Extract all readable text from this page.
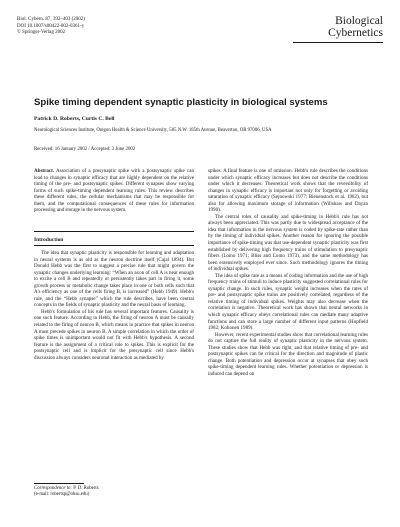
Biol. Cybern. 87, 392–403 (2002)
DOI 10.1007/s00422-002-0361-y
© Springer-Verlag 2002
Biological
Cybernetics
Spike timing dependent synaptic plasticity in biological systems
Patrick D. Roberts, Curtis C. Bell
Neurological Sciences Institute, Oregon Health & Science University, 505 N.W. 185th Avenue, Beaverton, OR 97006, USA
Received: 16 January 2002 / Accepted: 3 June 2002

Abstract. Association of a presynaptic spike with a postsynaptic spike can lead to changes in synaptic efficacy that are highly dependent on the relative timing of the pre- and postsynaptic spikes. Different synapses show varying forms of such spike-timing dependent learning rules. This review describes these different rules, the cellular mechanisms that may be responsible for them, and the computational consequences of these rules for information processing and storage in the nervous system.

Introduction

The idea that synaptic plasticity is responsible for learning and adaptation in neural systems is as old as the neuron doctrine itself (Cajal 1894). But Donald Hebb was the first to suggest a precise rule that might govern the synaptic changes underlying learning: “When an axon of cell A is near enough to excite a cell B and repeatedly or persistently takes part in firing it, some growth process or metabolic change takes place in one or both cells such that A's efficiency as one of the cells firing B, is increased” (Hebb 1949). Hebb's rule, and the “Hebb synapse” which the rule describes, have been central concepts in the fields of synaptic plasticity and the neural basis of learning.

Hebb's formulation of his rule has several important features. Causality is one such feature. According to Hebb, the firing of neuron A must be causally related to the firing of neuron B, which means in practice that spikes in neuron A must precede spikes in neuron B. A simple correlation in which the order of spike times is unimportant would not fit with Hebb's hypothesis. A second feature is the assignment of a critical role to spikes. This is explicit for the postsynaptic cell and is implicit for the presynaptic cell since Hebb's discussion always considers neuronal interaction as mediated by

Correspondence to: P. D. Roberts
(e-mail: robertsp@ohsu.edu)

spikes. A final feature is one of omission. Hebb's rule describes the conditions under which synaptic efficacy increases but does not describe the conditions under which it decreases. Theoretical work shows that the reversibility of changes in synaptic efficacy is important not only for forgetting or avoiding saturation of synaptic efficacy (Sejnowski 1977; Bienenstock et al. 1982), but also for allowing maximum storage of information (Willshaw and Dayan 1990).

The central roles of causality and spike-timing in Hebb's rule has not always been appreciated. This was partly due to widespread acceptance of the idea that information in the nervous system is coded by spike-rate rather than by the timing of individual spikes. Another reason for ignoring the possible importance of spike-timing was that use-dependent synaptic plasticity was first established by delivering high frequency trains of stimulation to presynaptic fibers (Lomo 1971; Bliss and Lomo 1973), and the same methodology has been extensively employed ever since. Such methodology ignores the timing of individual spikes.

The idea of spike rate as a means of coding information and the use of high frequency trains of stimuli to induce plasticity suggested correlational rules for synaptic change. In such rules, synaptic weight increases when the rates of pre- and postsynaptic spike trains are positively correlated, regardless of the relative timing of individual spikes. Weights may also decrease when the correlation is negative. Theoretical work has shown that neural networks in which synaptic efficacy obeys correlational rules can mediate many adaptive functions and can store a large number of different input patterns (Hopfield 1982; Kohonen 1989).

However, recent experimental studies show that correlational learning rules do not capture the full reality of synaptic plasticity in the nervous system. These studies show that Hebb was right, and that relative timing of pre- and postsynaptic spikes can be critical for the direction and magnitude of plastic change. Both potentiation and depression occur at synapses that obey such spike-timing dependent learning rules. Whether potentiation or depression is induced can depend on
